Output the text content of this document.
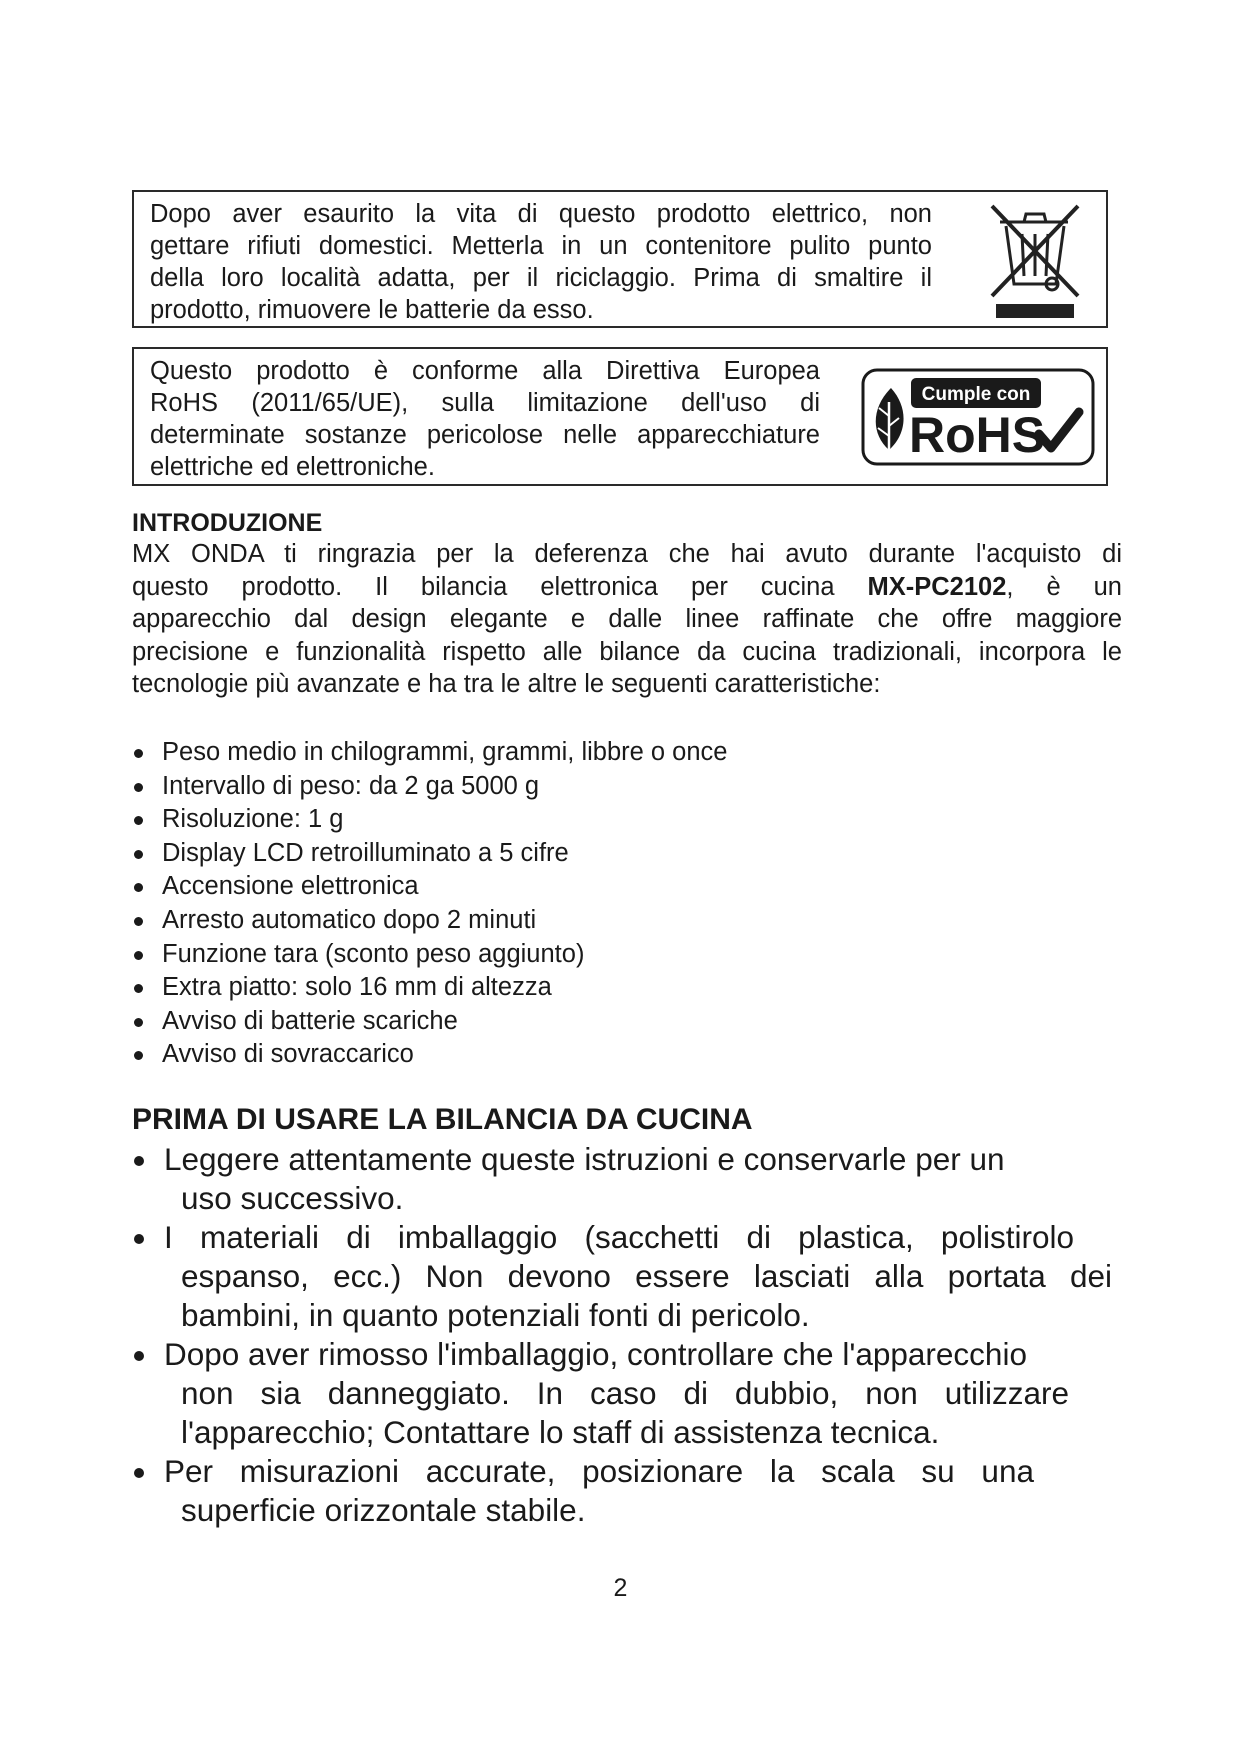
Dopo aver esaurito la vita di questo prodotto elettrico, non
gettare rifiuti domestici. Metterla in un contenitore pulito punto
della loro località adatta, per il riciclaggio. Prima di smaltire il
prodotto, rimuovere le batterie da esso.
Questo prodotto è conforme alla Direttiva Europea
RoHS (2011/65/UE), sulla limitazione dell'uso di
determinate sostanze pericolose nelle apparecchiature
elettriche ed elettroniche.
Cumple con
RoHS
INTRODUZIONE
MX ONDA ti ringrazia per la deferenza che hai avuto durante l'acquisto di
questo prodotto. Il bilancia elettronica per cucina MX-PC2102, è un
apparecchio dal design elegante e dalle linee raffinate che offre maggiore
precisione e funzionalità rispetto alle bilance da cucina tradizionali, incorpora le
tecnologie più avanzate e ha tra le altre le seguenti caratteristiche:
Peso medio in chilogrammi, grammi, libbre o once
Intervallo di peso: da 2 ga 5000 g
Risoluzione: 1 g
Display LCD retroilluminato a 5 cifre
Accensione elettronica
Arresto automatico dopo 2 minuti
Funzione tara (sconto peso aggiunto)
Extra piatto: solo 16 mm di altezza
Avviso di batterie scariche
Avviso di sovraccarico
PRIMA DI USARE LA BILANCIA DA CUCINA
Leggere attentamente queste istruzioni e conservarle per un
uso successivo.
I materiali di imballaggio (sacchetti di plastica, polistirolo
espanso, ecc.) Non devono essere lasciati alla portata dei
bambini, in quanto potenziali fonti di pericolo.
Dopo aver rimosso l'imballaggio, controllare che l'apparecchio
non sia danneggiato. In caso di dubbio, non utilizzare
l'apparecchio; Contattare lo staff di assistenza tecnica.
Per misurazioni accurate, posizionare la scala su una
superficie orizzontale stabile.
2
